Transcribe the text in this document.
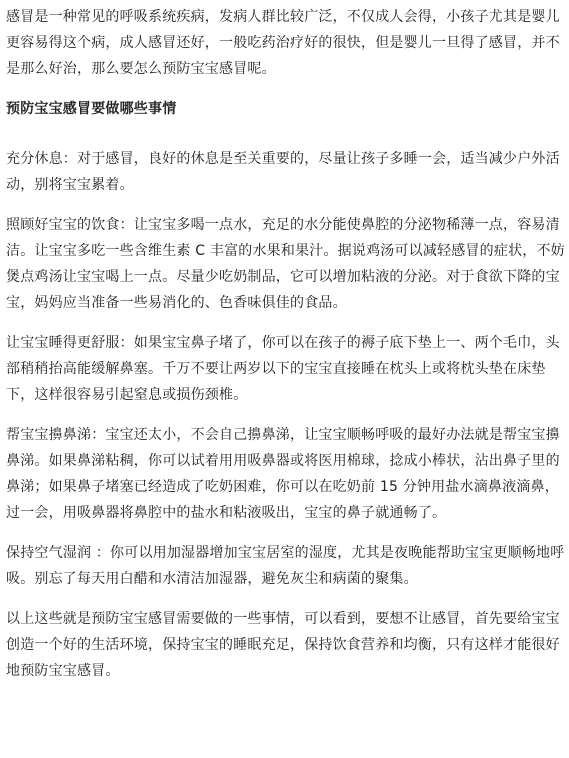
感冒是一种常见的呼吸系统疾病，发病人群比较广泛，不仅成人会得，小孩子尤其是婴儿更容易得这个病，成人感冒还好，一般吃药治疗好的很快，但是婴儿一旦得了感冒，并不是那么好治，那么要怎么预防宝宝感冒呢。

预防宝宝感冒要做哪些事情

充分休息：对于感冒，良好的休息是至关重要的，尽量让孩子多睡一会，适当减少户外活动，别将宝宝累着。

照顾好宝宝的饮食：让宝宝多喝一点水，充足的水分能使鼻腔的分泌物稀薄一点，容易清洁。让宝宝多吃一些含维生素 C 丰富的水果和果汁。据说鸡汤可以减轻感冒的症状，不妨煲点鸡汤让宝宝喝上一点。尽量少吃奶制品，它可以增加粘液的分泌。对于食欲下降的宝宝，妈妈应当准备一些易消化的、色香味俱佳的食品。

让宝宝睡得更舒服：如果宝宝鼻子堵了，你可以在孩子的褥子底下垫上一、两个毛巾，头部稍稍抬高能缓解鼻塞。千万不要让两岁以下的宝宝直接睡在枕头上或将枕头垫在床垫下，这样很容易引起窒息或损伤颈椎。

帮宝宝擤鼻涕：宝宝还太小，不会自己擤鼻涕，让宝宝顺畅呼吸的最好办法就是帮宝宝擤鼻涕。如果鼻涕粘稠，你可以试着用用吸鼻器或将医用棉球，捻成小棒状，沾出鼻子里的鼻涕；如果鼻子堵塞已经造成了吃奶困难，你可以在吃奶前 15 分钟用盐水滴鼻液滴鼻，过一会，用吸鼻器将鼻腔中的盐水和粘液吸出，宝宝的鼻子就通畅了。

保持空气湿润 ：你可以用加湿器增加宝宝居室的湿度，尤其是夜晚能帮助宝宝更顺畅地呼吸。别忘了每天用白醋和水清洁加湿器，避免灰尘和病菌的聚集。

以上这些就是预防宝宝感冒需要做的一些事情，可以看到，要想不让感冒，首先要给宝宝创造一个好的生活环境，保持宝宝的睡眠充足，保持饮食营养和均衡，只有这样才能很好地预防宝宝感冒。
